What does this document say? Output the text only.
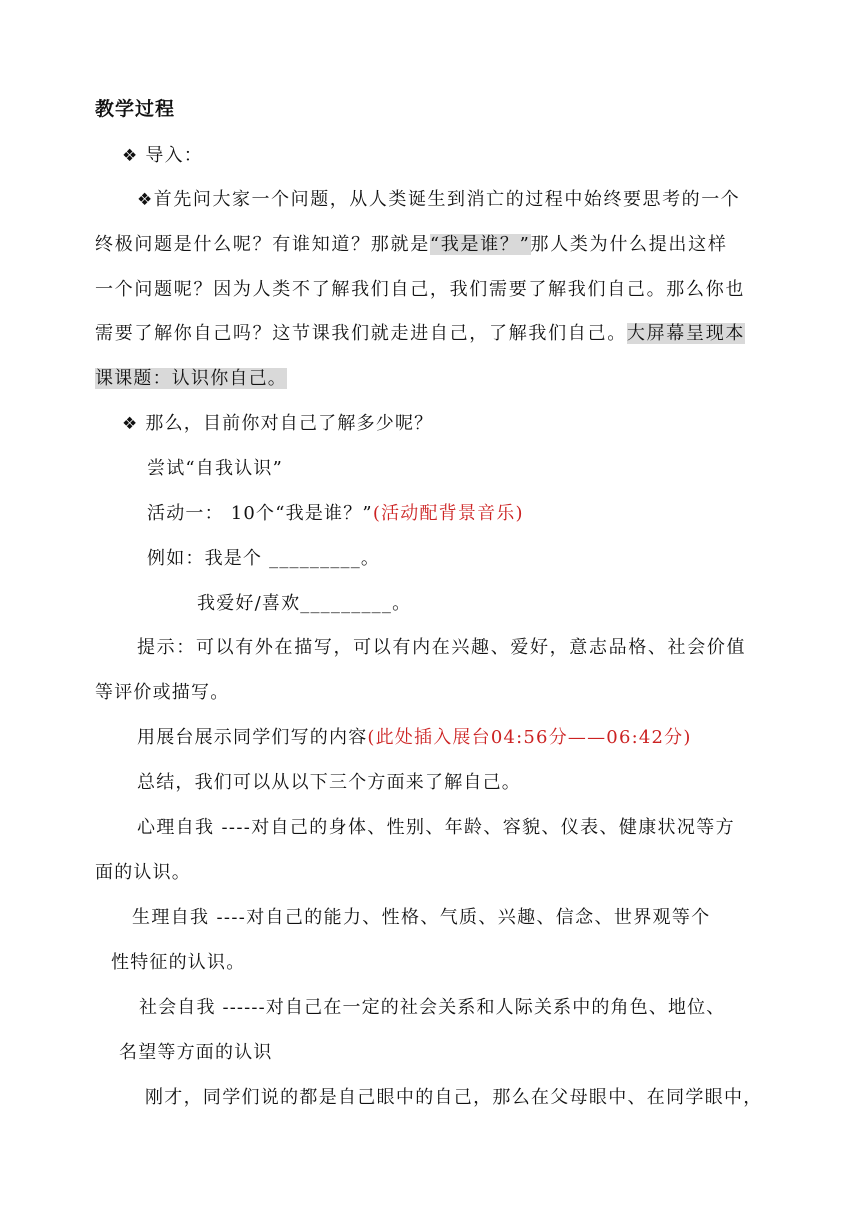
教学过程
❖ 导入：
❖首先问大家一个问题，从人类诞生到消亡的过程中始终要思考的一个
终极问题是什么呢？有谁知道？那就是“我是谁？”那人类为什么提出这样
一个问题呢？因为人类不了解我们自己，我们需要了解我们自己。那么你也
需要了解你自己吗？这节课我们就走进自己，了解我们自己。大屏幕呈现本
课课题：认识你自己。
❖ 那么，目前你对自己了解多少呢？
尝试“自我认识”
活动一： 10个“我是谁？”(活动配背景音乐)
例如：我是个 _________。
我爱好/喜欢_________。
提示：可以有外在描写，可以有内在兴趣、爱好，意志品格、社会价值
等评价或描写。
用展台展示同学们写的内容(此处插入展台04:56分——06:42分)
总结，我们可以从以下三个方面来了解自己。
心理自我 ----对自己的身体、性别、年龄、容貌、仪表、健康状况等方
面的认识。
生理自我 ----对自己的能力、性格、气质、兴趣、信念、世界观等个
性特征的认识。
社会自我 ------对自己在一定的社会关系和人际关系中的角色、地位、
名望等方面的认识
刚才，同学们说的都是自己眼中的自己，那么在父母眼中、在同学眼中，
